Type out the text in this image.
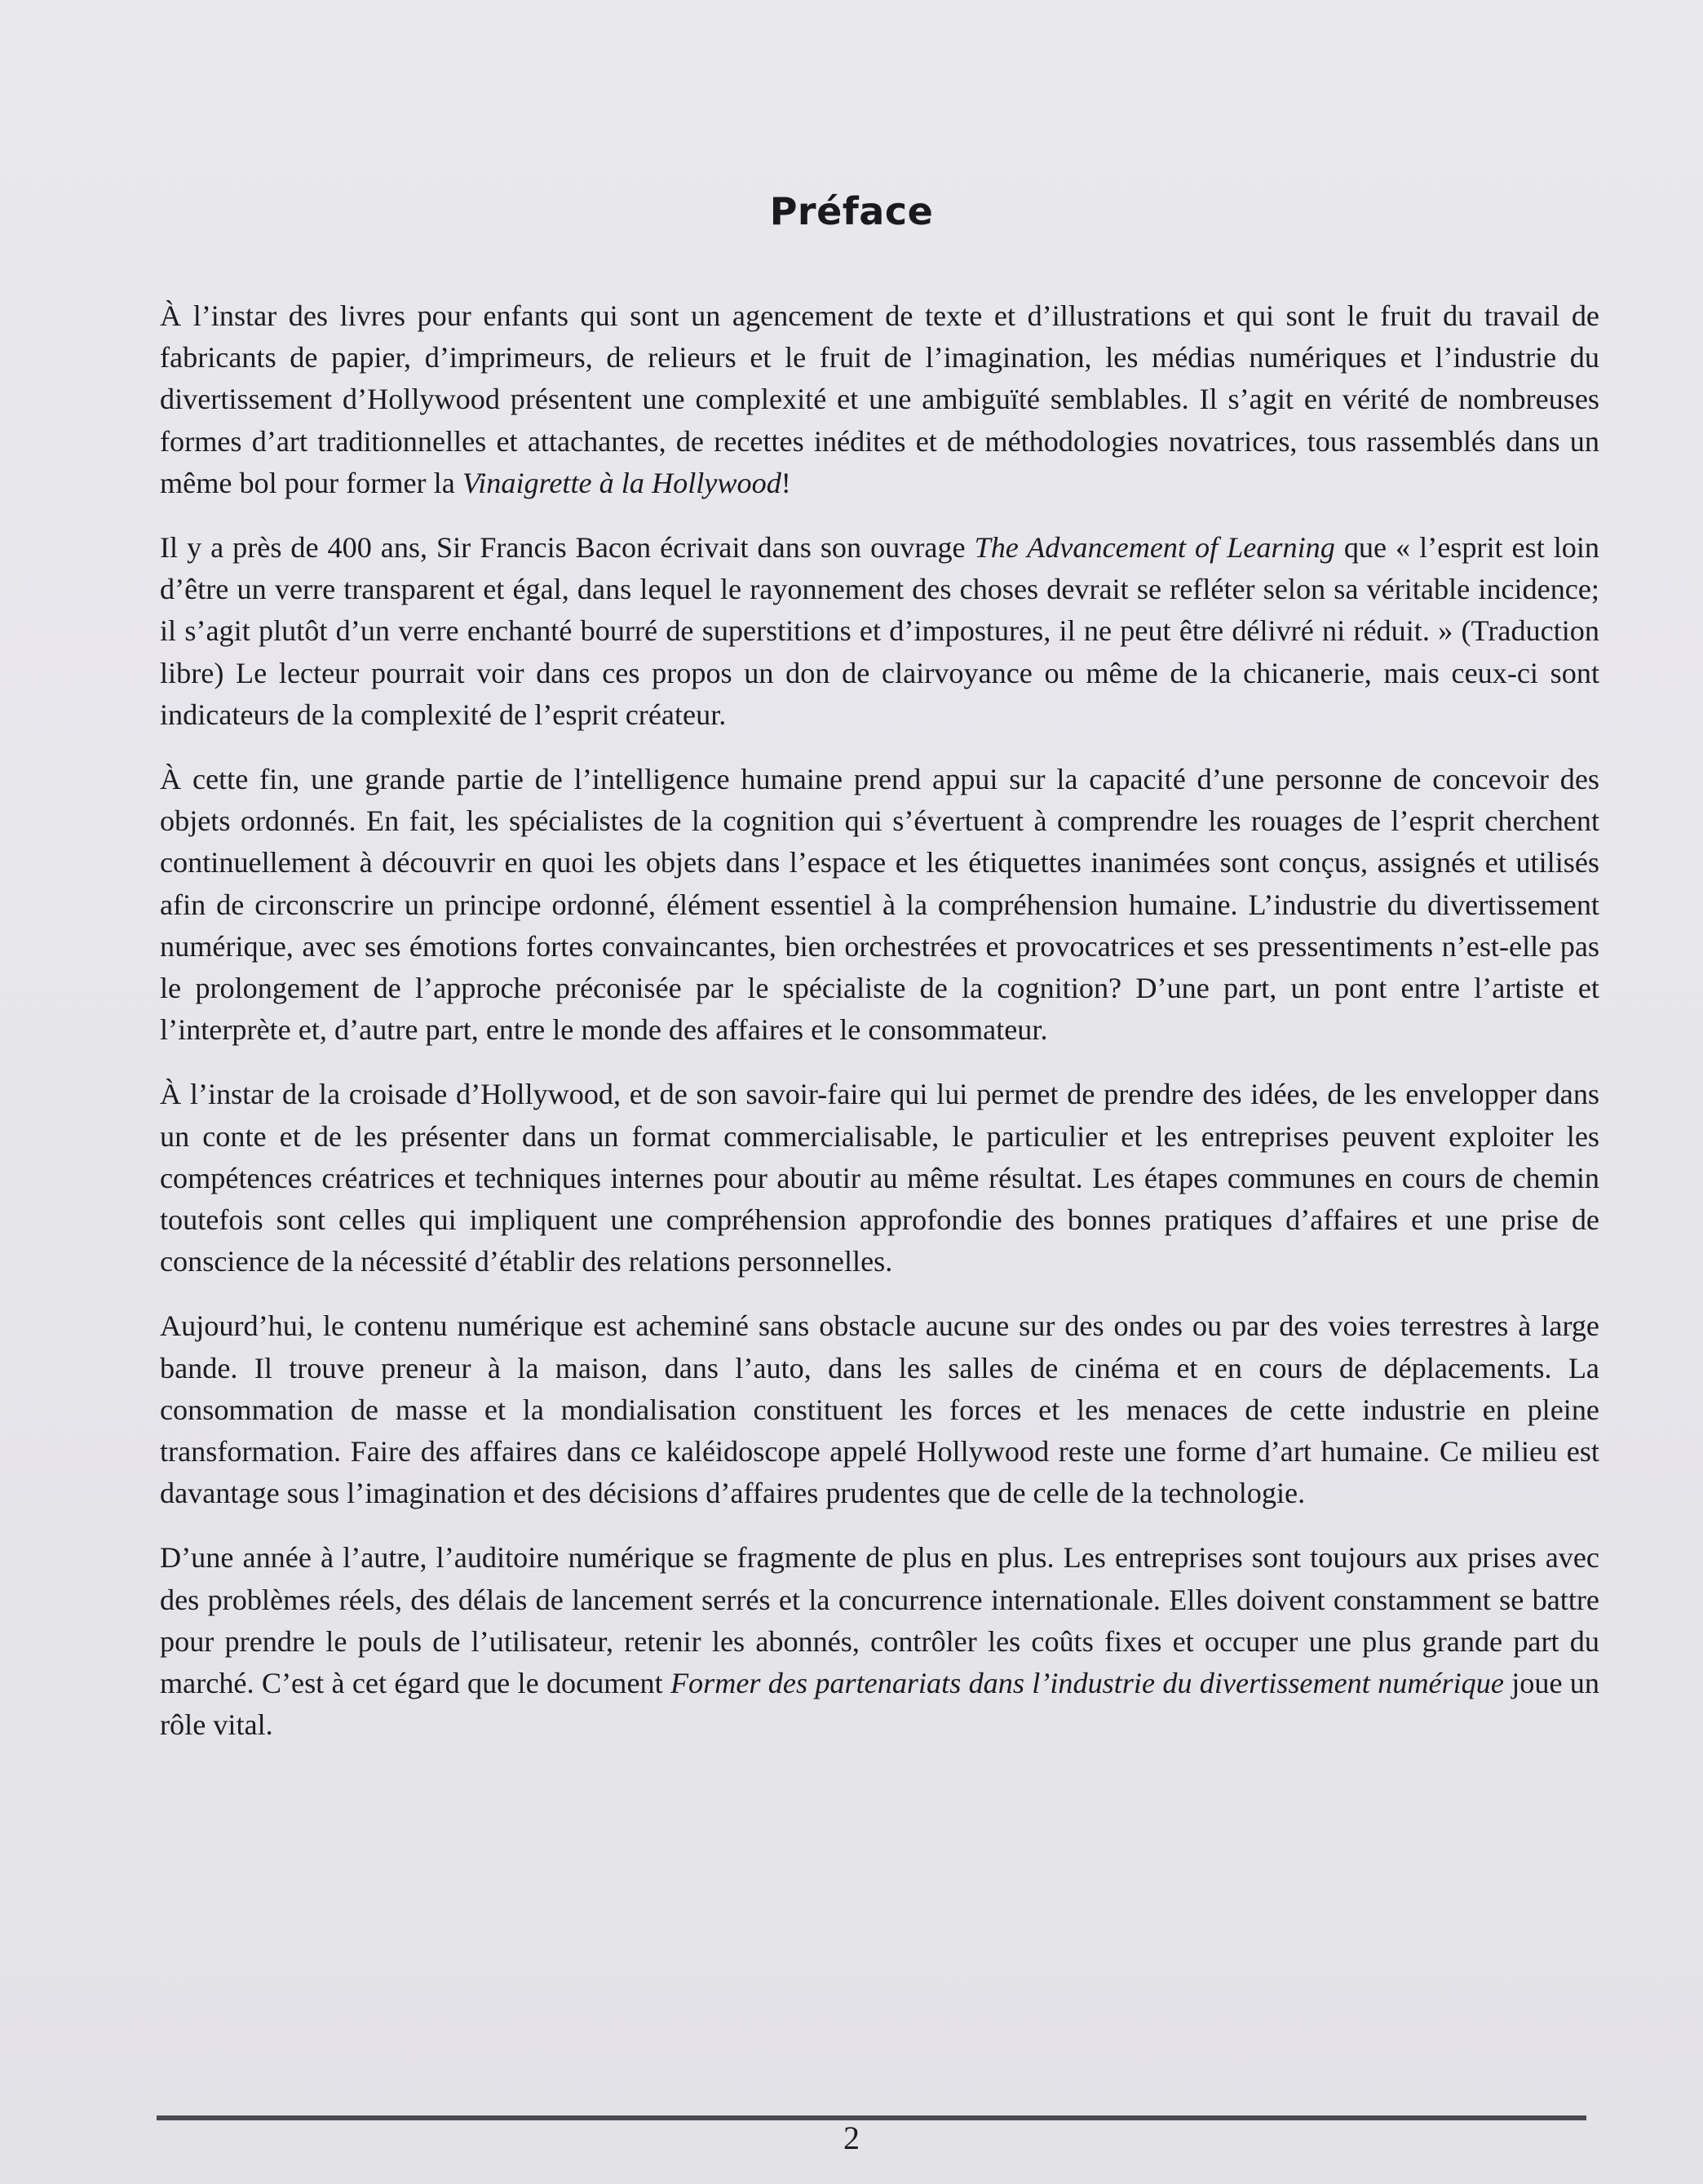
Préface

À l’instar des livres pour enfants qui sont un agencement de texte et d’illustrations et qui sont le fruit du travail de fabricants de papier, d’imprimeurs, de relieurs et le fruit de l’imagination, les médias numériques et l’industrie du divertissement d’Hollywood présentent une complexité et une ambiguïté semblables. Il s’agit en vérité de nombreuses formes d’art traditionnelles et attachantes, de recettes inédites et de méthodologies novatrices, tous rassemblés dans un même bol pour former la Vinaigrette à la Hollywood!

Il y a près de 400 ans, Sir Francis Bacon écrivait dans son ouvrage The Advancement of Learning que « l’esprit est loin d’être un verre transparent et égal, dans lequel le rayonnement des choses devrait se refléter selon sa véritable incidence; il s’agit plutôt d’un verre enchanté bourré de superstitions et d’impostures, il ne peut être délivré ni réduit. » (Traduction libre) Le lecteur pourrait voir dans ces propos un don de clairvoyance ou même de la chicanerie, mais ceux-ci sont indicateurs de la complexité de l’esprit créateur.

À cette fin, une grande partie de l’intelligence humaine prend appui sur la capacité d’une personne de concevoir des objets ordonnés. En fait, les spécialistes de la cognition qui s’évertuent à comprendre les rouages de l’esprit cherchent continuellement à découvrir en quoi les objets dans l’espace et les étiquettes inanimées sont conçus, assignés et utilisés afin de circonscrire un principe ordonné, élément essentiel à la compréhension humaine. L’industrie du divertissement numérique, avec ses émotions fortes convaincantes, bien orchestrées et provocatrices et ses pressentiments n’est-elle pas le prolongement de l’approche préconisée par le spécialiste de la cognition? D’une part, un pont entre l’artiste et l’interprète et, d’autre part, entre le monde des affaires et le consommateur.

À l’instar de la croisade d’Hollywood, et de son savoir-faire qui lui permet de prendre des idées, de les envelopper dans un conte et de les présenter dans un format commercialisable, le particulier et les entreprises peuvent exploiter les compétences créatrices et techniques internes pour aboutir au même résultat. Les étapes communes en cours de chemin toutefois sont celles qui impliquent une compréhension approfondie des bonnes pratiques d’affaires et une prise de conscience de la nécessité d’établir des relations personnelles.

Aujourd’hui, le contenu numérique est acheminé sans obstacle aucune sur des ondes ou par des voies terrestres à large bande. Il trouve preneur à la maison, dans l’auto, dans les salles de cinéma et en cours de déplacements. La consommation de masse et la mondialisation constituent les forces et les menaces de cette industrie en pleine transformation. Faire des affaires dans ce kaléidoscope appelé Hollywood reste une forme d’art humaine. Ce milieu est davantage sous l’imagination et des décisions d’affaires prudentes que de celle de la technologie.

D’une année à l’autre, l’auditoire numérique se fragmente de plus en plus. Les entreprises sont toujours aux prises avec des problèmes réels, des délais de lancement serrés et la concurrence internationale. Elles doivent constamment se battre pour prendre le pouls de l’utilisateur, retenir les abonnés, contrôler les coûts fixes et occuper une plus grande part du marché. C’est à cet égard que le document Former des partenariats dans l’industrie du divertissement numérique joue un rôle vital.

2
